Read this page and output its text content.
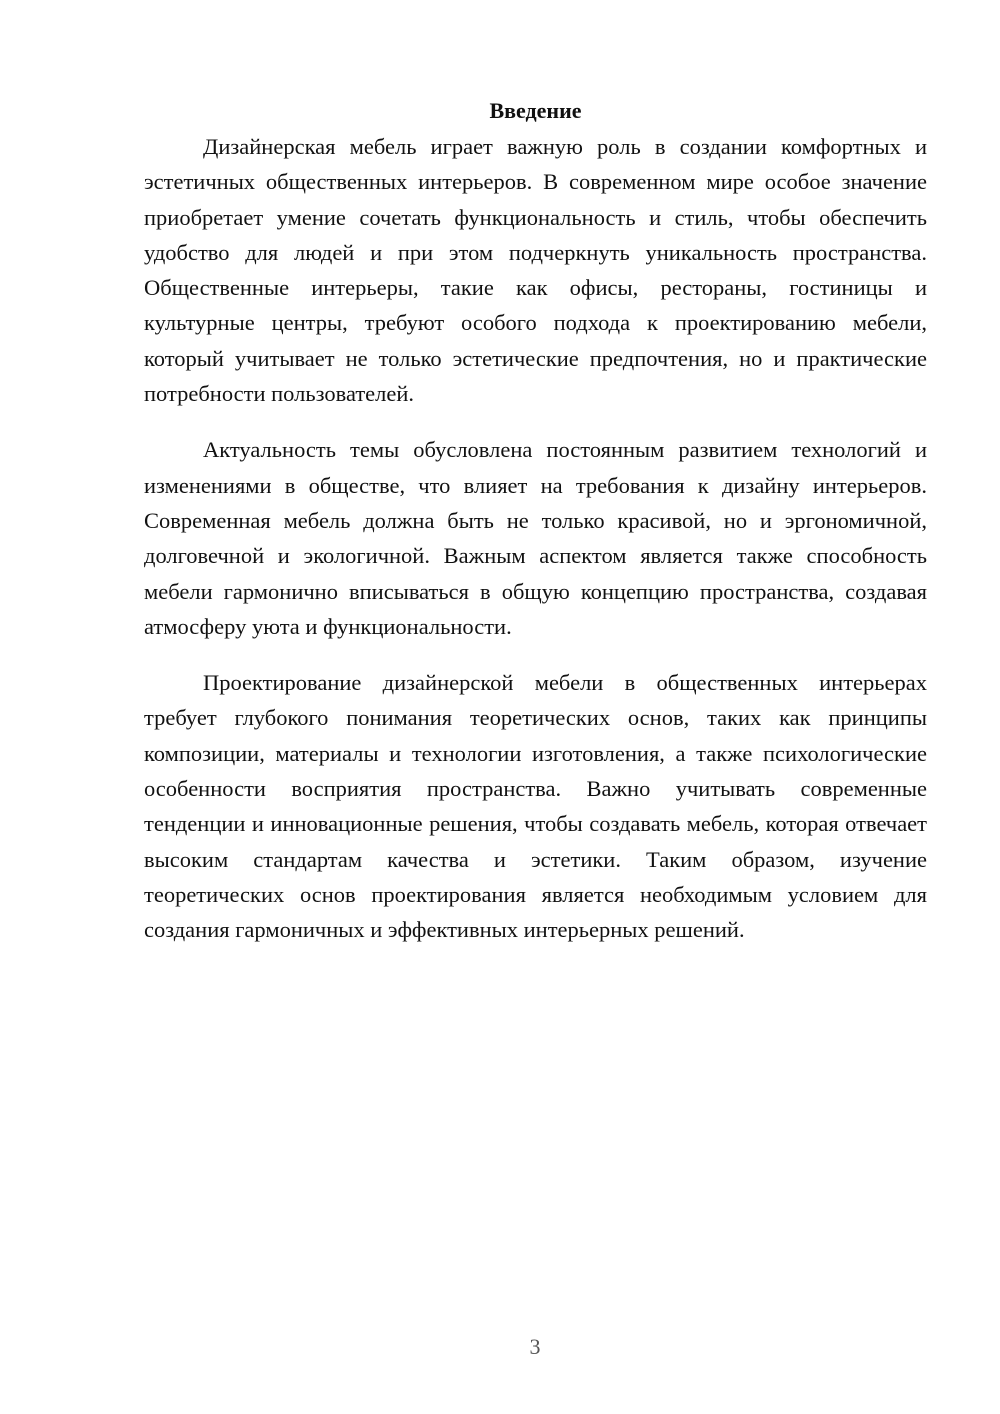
Введение

Дизайнерская мебель играет важную роль в создании комфортных и эстетичных общественных интерьеров. В современном мире особое значение приобретает умение сочетать функциональность и стиль, чтобы обеспечить удобство для людей и при этом подчеркнуть уникальность пространства. Общественные интерьеры, такие как офисы, рестораны, гостиницы и культурные центры, требуют особого подхода к проектированию мебели, который учитывает не только эстетические предпочтения, но и практические потребности пользователей.

Актуальность темы обусловлена постоянным развитием технологий и изменениями в обществе, что влияет на требования к дизайну интерьеров. Современная мебель должна быть не только красивой, но и эргономичной, долговечной и экологичной. Важным аспектом является также способность мебели гармонично вписываться в общую концепцию пространства, создавая атмосферу уюта и функциональности.

Проектирование дизайнерской мебели в общественных интерьерах требует глубокого понимания теоретических основ, таких как принципы композиции, материалы и технологии изготовления, а также психологические особенности восприятия пространства. Важно учитывать современные тенденции и инновационные решения, чтобы создавать мебель, которая отвечает высоким стандартам качества и эстетики. Таким образом, изучение теоретических основ проектирования является необходимым условием для создания гармоничных и эффективных интерьерных решений.

3
